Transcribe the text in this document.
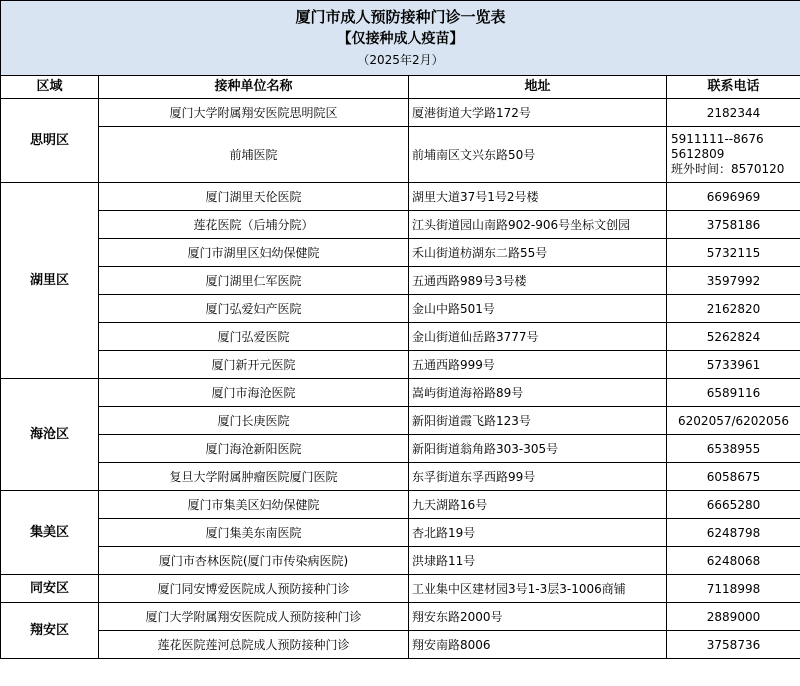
厦门市成人预防接种门诊一览表
【仅接种成人疫苗】
（2025年2月）			

区域	接种单位名称	地址	联系电话
思明区	厦门大学附属翔安医院思明院区	厦港街道大学路172号	2182344

	前埔医院	前埔南区文兴东路50号	5911111--8676
5612809
班外时间：8570120

湖里区	厦门湖里天伦医院	湖里大道37号1号2号楼	6696969

	莲花医院（后埔分院）	江头街道园山南路902-906号坐标文创园	3758186

	厦门市湖里区妇幼保健院	禾山街道枋湖东二路55号	5732115

	厦门湖里仁军医院	五通西路989号3号楼	3597992

	厦门弘爱妇产医院	金山中路501号	2162820

	厦门弘爱医院	金山街道仙岳路3777号	5262824

	厦门新开元医院	五通西路999号	5733961

海沧区	厦门市海沧医院	嵩屿街道海裕路89号	6589116

	厦门长庚医院	新阳街道霞飞路123号	6202057/6202056

	厦门海沧新阳医院	新阳街道翁角路303-305号	6538955

	复旦大学附属肿瘤医院厦门医院	东孚街道东孚西路99号	6058675

集美区	厦门市集美区妇幼保健院	九天湖路16号	6665280

	厦门集美东南医院	杏北路19号	6248798

	厦门市杏林医院(厦门市传染病医院)	洪埭路11号	6248068

同安区	厦门同安博爱医院成人预防接种门诊	工业集中区建材园3号1-3层3-1006商铺	7118998

翔安区	厦门大学附属翔安医院成人预防接种门诊	翔安东路2000号	2889000

	莲花医院莲河总院成人预防接种门诊	翔安南路8006	3758736
